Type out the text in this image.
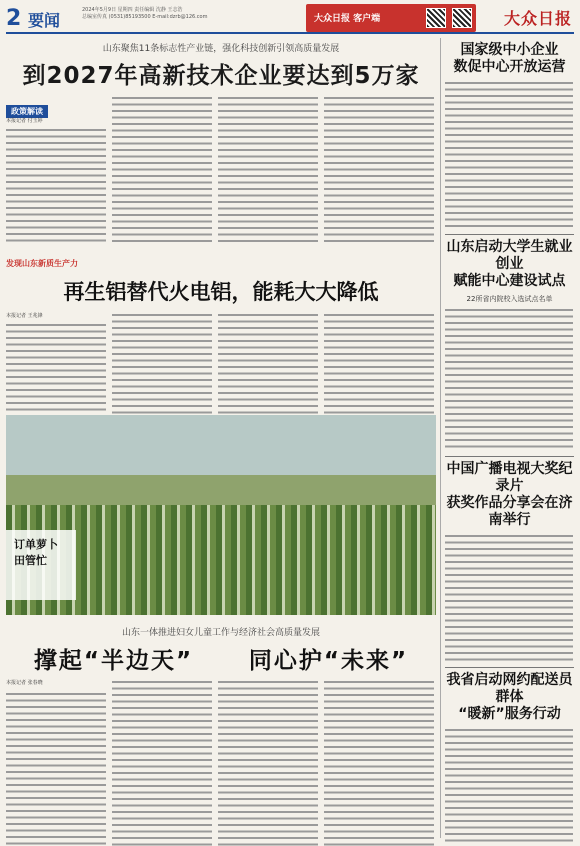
2 要闻
2024年5月9日 星期四 责任编辑 沈静 王志浩
总编室传真 (0531)85193500 E-mail:dzrb@126.com	大众日报 客户端	大众日报
山东聚焦11条标志性产业链，强化科技创新引领高质量发展
到2027年高新技术企业要达到5万家
政策解读
本报记者 付玉婷
发现山东新质生产力
再生铝替代火电铝，能耗大大降低
本报记者 王兆锋
订单萝卜
田管忙
山东一体推进妇女儿童工作与经济社会高质量发展
撑起“半边天” 同心护“未来”
本报记者 张春晓
国家级中小企业
数促中心开放运营
山东启动大学生就业创业
赋能中心建设试点
22所省内院校入选试点名单
中国广播电视大奖纪录片
获奖作品分享会在济南举行
我省启动网约配送员群体
“暖新”服务行动
